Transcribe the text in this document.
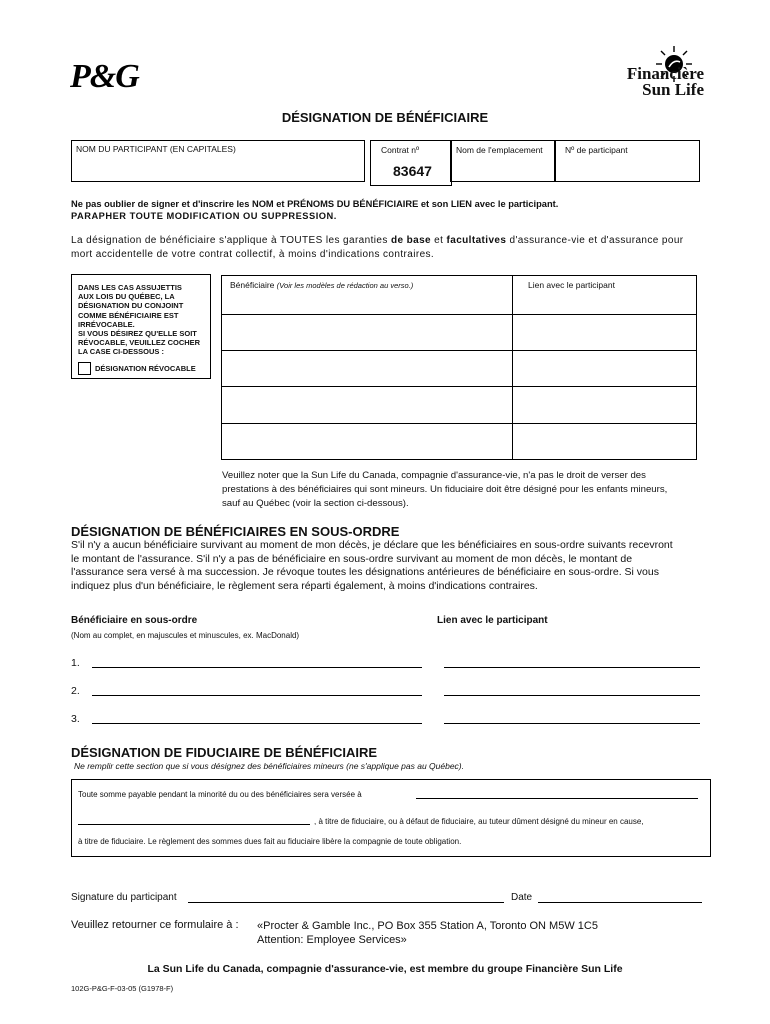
P&G	Financière
Sun Life
DÉSIGNATION DE BÉNÉFICIAIRE
NOM DU PARTICIPANT (EN CAPITALES)	Contrat nº
83647
Nom de l'emplacement	Nº de participant
Ne pas oublier de signer et d'inscrire les NOM et PRÉNOMS DU BÉNÉFICIAIRE et son LIEN avec le participant.
PARAPHER TOUTE MODIFICATION OU SUPPRESSION.
La désignation de bénéficiaire s'applique à TOUTES les garanties de base et facultatives d'assurance-vie et d'assurance pour
mort accidentelle de votre contrat collectif, à moins d'indications contraires.
DANS LES CAS ASSUJETTIS
AUX LOIS DU QUÉBEC, LA
DÉSIGNATION DU CONJOINT
COMME BÉNÉFICIAIRE EST
IRRÉVOCABLE.
SI VOUS DÉSIREZ QU'ELLE SOIT
RÉVOCABLE, VEUILLEZ COCHER
LA CASE CI-DESSOUS :
DÉSIGNATION RÉVOCABLE
Bénéficiaire (Voir les modèles de rédaction au verso.)	Lien avec le participant
Veuillez noter que la Sun Life du Canada, compagnie d'assurance-vie, n'a pas le droit de verser des
prestations à des bénéficiaires qui sont mineurs. Un fiduciaire doit être désigné pour les enfants mineurs,
sauf au Québec (voir la section ci-dessous).
DÉSIGNATION DE BÉNÉFICIAIRES EN SOUS-ORDRE
S'il n'y a aucun bénéficiaire survivant au moment de mon décès, je déclare que les bénéficiaires en sous-ordre suivants recevront
le montant de l'assurance. S'il n'y a pas de bénéficiaire en sous-ordre survivant au moment de mon décès, le montant de
l'assurance sera versé à ma succession. Je révoque toutes les désignations antérieures de bénéficiaire en sous-ordre. Si vous
indiquez plus d'un bénéficiaire, le règlement sera réparti également, à moins d'indications contraires.
Bénéficiaire en sous-ordre	Lien avec le participant
(Nom au complet, en majuscules et minuscules, ex. MacDonald)
1.
2.
3.
DÉSIGNATION DE FIDUCIAIRE DE BÉNÉFICIAIRE
Ne remplir cette section que si vous désignez des bénéficiaires mineurs (ne s'applique pas au Québec).
Toute somme payable pendant la minorité du ou des bénéficiaires sera versée à
, à titre de fiduciaire, ou à défaut de fiduciaire, au tuteur dûment désigné du mineur en cause,
à titre de fiduciaire. Le règlement des sommes dues fait au fiduciaire libère la compagnie de toute obligation.
Signature du participant	Date
Veuillez retourner ce formulaire à : «Procter & Gamble Inc., PO Box 355 Station A, Toronto ON M5W 1C5
Attention: Employee Services»
La Sun Life du Canada, compagnie d'assurance-vie, est membre du groupe Financière Sun Life
102G-P&G-F-03-05 (G1978-F)
